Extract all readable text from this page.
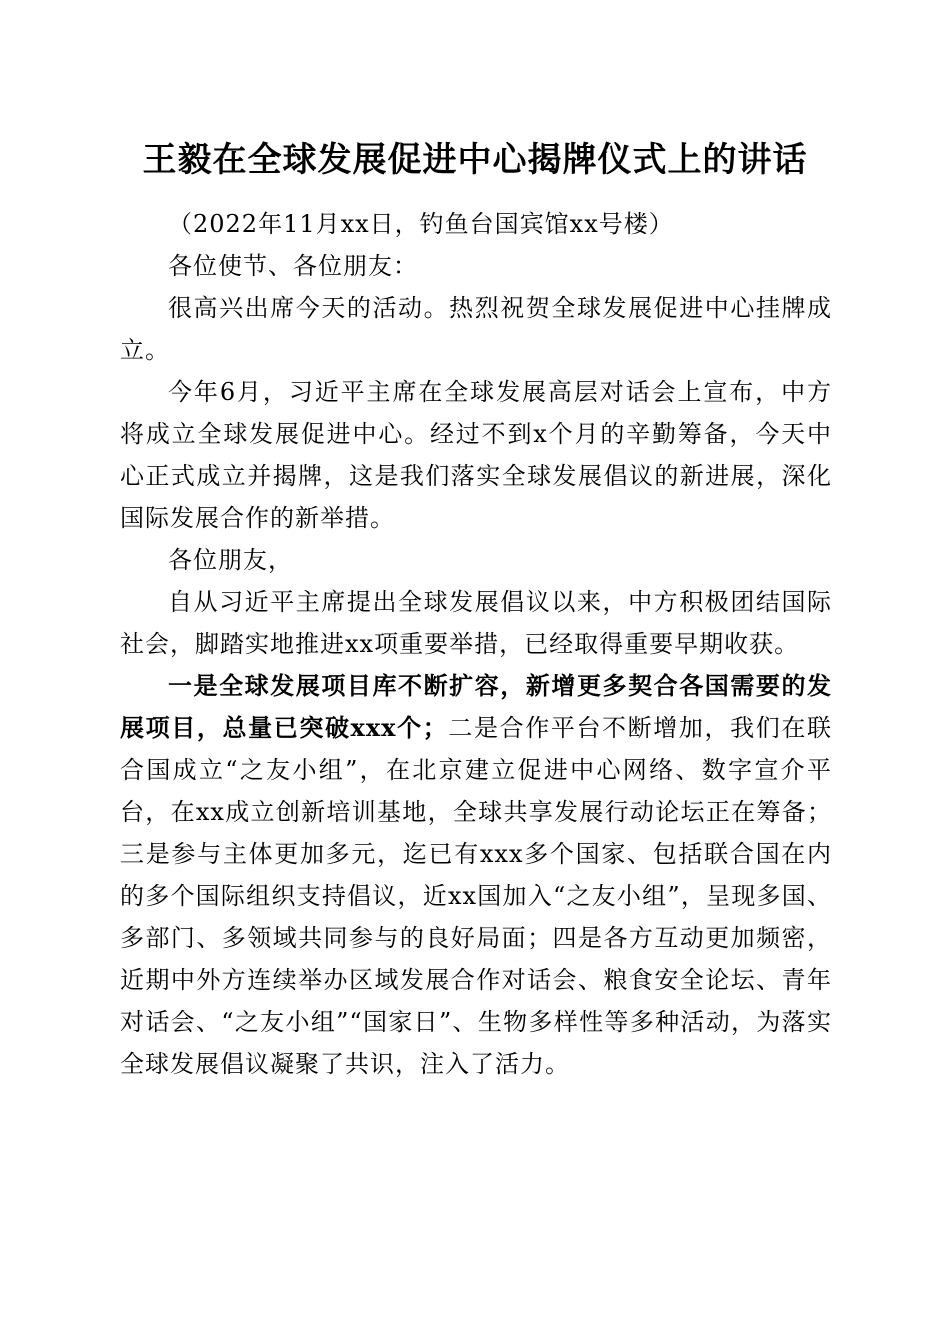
王毅在全球发展促进中心揭牌仪式上的讲话

（2022年11月xx日，钓鱼台国宾馆xx号楼）

各位使节、各位朋友：

很高兴出席今天的活动。热烈祝贺全球发展促进中心挂牌成立。

今年6月，习近平主席在全球发展高层对话会上宣布，中方将成立全球发展促进中心。经过不到x个月的辛勤筹备，今天中心正式成立并揭牌，这是我们落实全球发展倡议的新进展，深化国际发展合作的新举措。

各位朋友，

自从习近平主席提出全球发展倡议以来，中方积极团结国际社会，脚踏实地推进xx项重要举措，已经取得重要早期收获。

一是全球发展项目库不断扩容，新增更多契合各国需要的发展项目，总量已突破xxx个；二是合作平台不断增加，我们在联合国成立“之友小组”，在北京建立促进中心网络、数字宣介平台，在xx成立创新培训基地，全球共享发展行动论坛正在筹备；三是参与主体更加多元，迄已有xxx多个国家、包括联合国在内的多个国际组织支持倡议，近xx国加入“之友小组”，呈现多国、多部门、多领域共同参与的良好局面；四是各方互动更加频密，近期中外方连续举办区域发展合作对话会、粮食安全论坛、青年对话会、“之友小组”“国家日”、生物多样性等多种活动，为落实全球发展倡议凝聚了共识，注入了活力。
